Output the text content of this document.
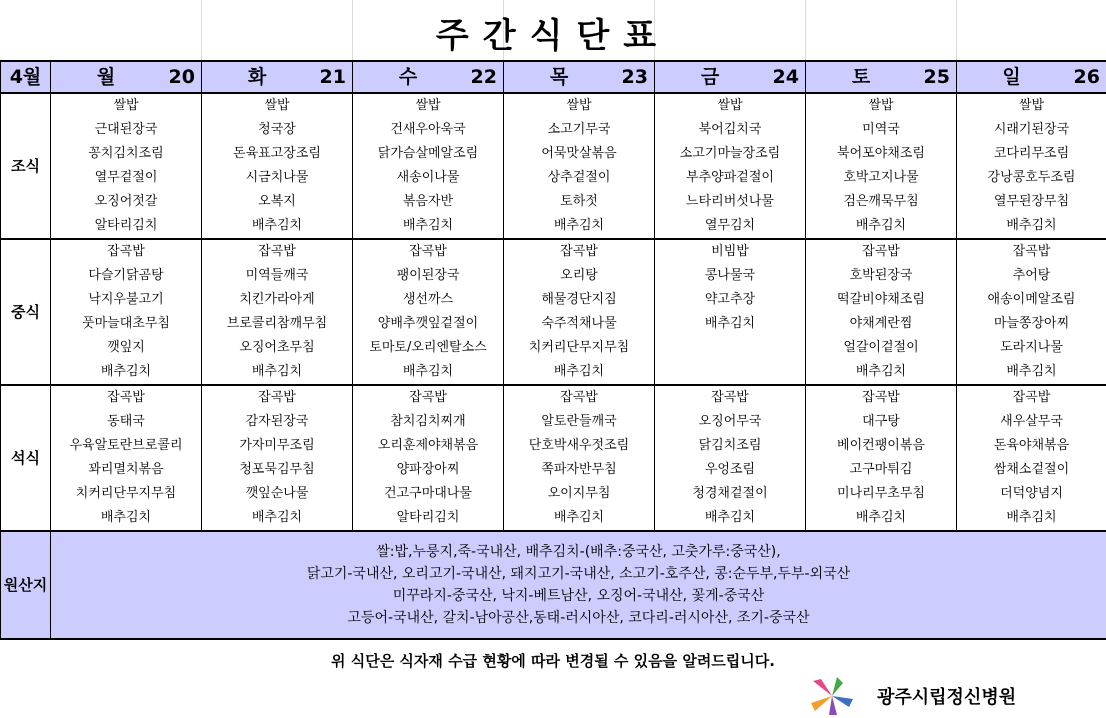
주간식단표
4월	월 20	화 21	수 22	목 23	금 24	토 25	일 26

조식	쌀밥	쌀밥	쌀밥	쌀밥	쌀밥	쌀밥	쌀밥
	근대된장국	청국장	건새우아욱국	소고기무국	북어김치국	미역국	시래기된장국
	꽁치김치조림	돈육표고장조림	닭가슴살메알조림	어묵맛살볶음	소고기마늘장조림	북어포야채조림	코다리무조림
	열무겉절이	시금치나물	새송이나물	상추겉절이	부추양파겉절이	호박고지나물	강낭콩호두조림
	오징어젓갈	오복지	볶음자반	토하젓	느타리버섯나물	검은깨묵무침	열무된장무침
	알타리김치	배추김치	배추김치	배추김치	열무김치	배추김치	배추김치
중식	잡곡밥	잡곡밥	잡곡밥	잡곡밥	비빔밥	잡곡밥	잡곡밥
	다슬기닭곰탕	미역들깨국	팽이된장국	오리탕	콩나물국	호박된장국	추어탕
	낙지우불고기	치킨가라아게	생선까스	해물경단지짐	약고추장	떡갈비야채조림	애송이메알조림
	풋마늘대초무침	브로콜리참깨무침	양배추깻잎겉절이	숙주적채나물	배추김치	야채계란찜	마늘쫑장아찌
	깻잎지	오징어초무침	토마토/오리엔탈소스	치커리단무지무침		얼갈이겉절이	도라지나물
	배추김치	배추김치	배추김치	배추김치		배추김치	배추김치
석식	잡곡밥	잡곡밥	잡곡밥	잡곡밥	잡곡밥	잡곡밥	잡곡밥
	동태국	감자된장국	참치김치찌개	알토란들깨국	오징어무국	대구탕	새우살무국
	우육알토란브로콜리	가자미무조림	오리훈제야채볶음	단호박새우젓조림	닭김치조림	베이컨팽이볶음	돈육야채볶음
	꽈리멸치볶음	청포묵김무침	양파장아찌	쪽파자반무침	우엉조림	고구마튀김	쌈채소겉절이
	치커리단무지무침	깻잎순나물	건고구마대나물	오이지무침	청경채겉절이	미나리무초무침	더덕양념지
	배추김치	배추김치	알타리김치	배추김치	배추김치	배추김치	배추김치
원산지	쌀:밥,누룽지,죽-국내산, 배추김치-(배추:중국산, 고춧가루:중국산),
닭고기-국내산, 오리고기-국내산, 돼지고기-국내산, 소고기-호주산, 콩:순두부,두부-외국산
미꾸라지-중국산, 낙지-베트남산, 오징어-국내산, 꽃게-중국산
고등어-국내산, 갈치-남아공산,동태-러시아산, 코다리-러시아산, 조기-중국산						
위 식단은 식자재 수급 현황에 따라 변경될 수 있음을 알려드립니다.
광주시립정신병원
